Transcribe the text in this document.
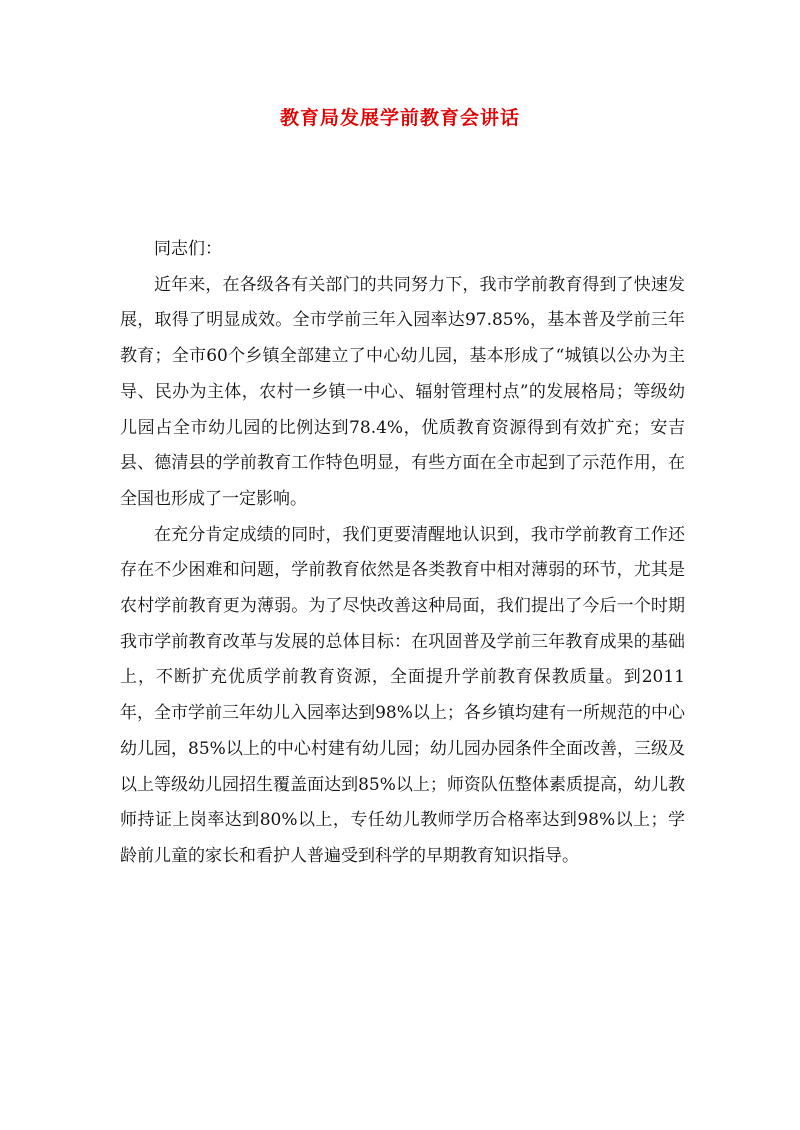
教育局发展学前教育会讲话

同志们：

近年来，在各级各有关部门的共同努力下，我市学前教育得到了快速发展，取得了明显成效。全市学前三年入园率达97.85%，基本普及学前三年教育；全市60个乡镇全部建立了中心幼儿园，基本形成了“城镇以公办为主导、民办为主体，农村一乡镇一中心、辐射管理村点”的发展格局；等级幼儿园占全市幼儿园的比例达到78.4%，优质教育资源得到有效扩充；安吉县、德清县的学前教育工作特色明显，有些方面在全市起到了示范作用，在全国也形成了一定影响。

在充分肯定成绩的同时，我们更要清醒地认识到，我市学前教育工作还存在不少困难和问题，学前教育依然是各类教育中相对薄弱的环节，尤其是农村学前教育更为薄弱。为了尽快改善这种局面，我们提出了今后一个时期我市学前教育改革与发展的总体目标：在巩固普及学前三年教育成果的基础上，不断扩充优质学前教育资源，全面提升学前教育保教质量。到2011年，全市学前三年幼儿入园率达到98%以上；各乡镇均建有一所规范的中心幼儿园，85%以上的中心村建有幼儿园；幼儿园办园条件全面改善，三级及以上等级幼儿园招生覆盖面达到85%以上；师资队伍整体素质提高，幼儿教师持证上岗率达到80%以上，专任幼儿教师学历合格率达到98%以上；学龄前儿童的家长和看护人普遍受到科学的早期教育知识指导。
